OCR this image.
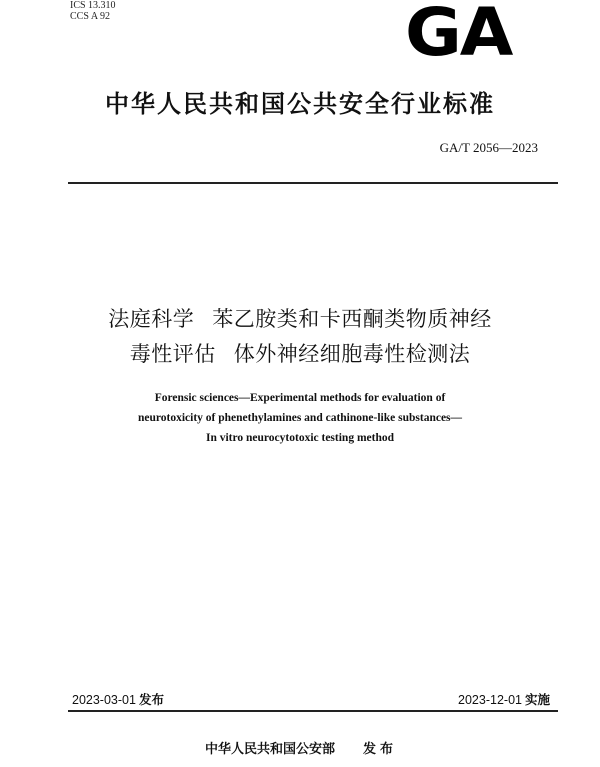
ICS 13.310
CCS A 92	GA
中华人民共和国公共安全行业标准
GA/T 2056—2023
法庭科学 苯乙胺类和卡西酮类物质神经
毒性评估 体外神经细胞毒性检测法
Forensic sciences—Experimental methods for evaluation of
neurotoxicity of phenethylamines and cathinone-like substances—
In vitro neurocytotoxic testing method
2023-03-01 发布	2023-12-01 实施
中华人民共和国公安部 发布
